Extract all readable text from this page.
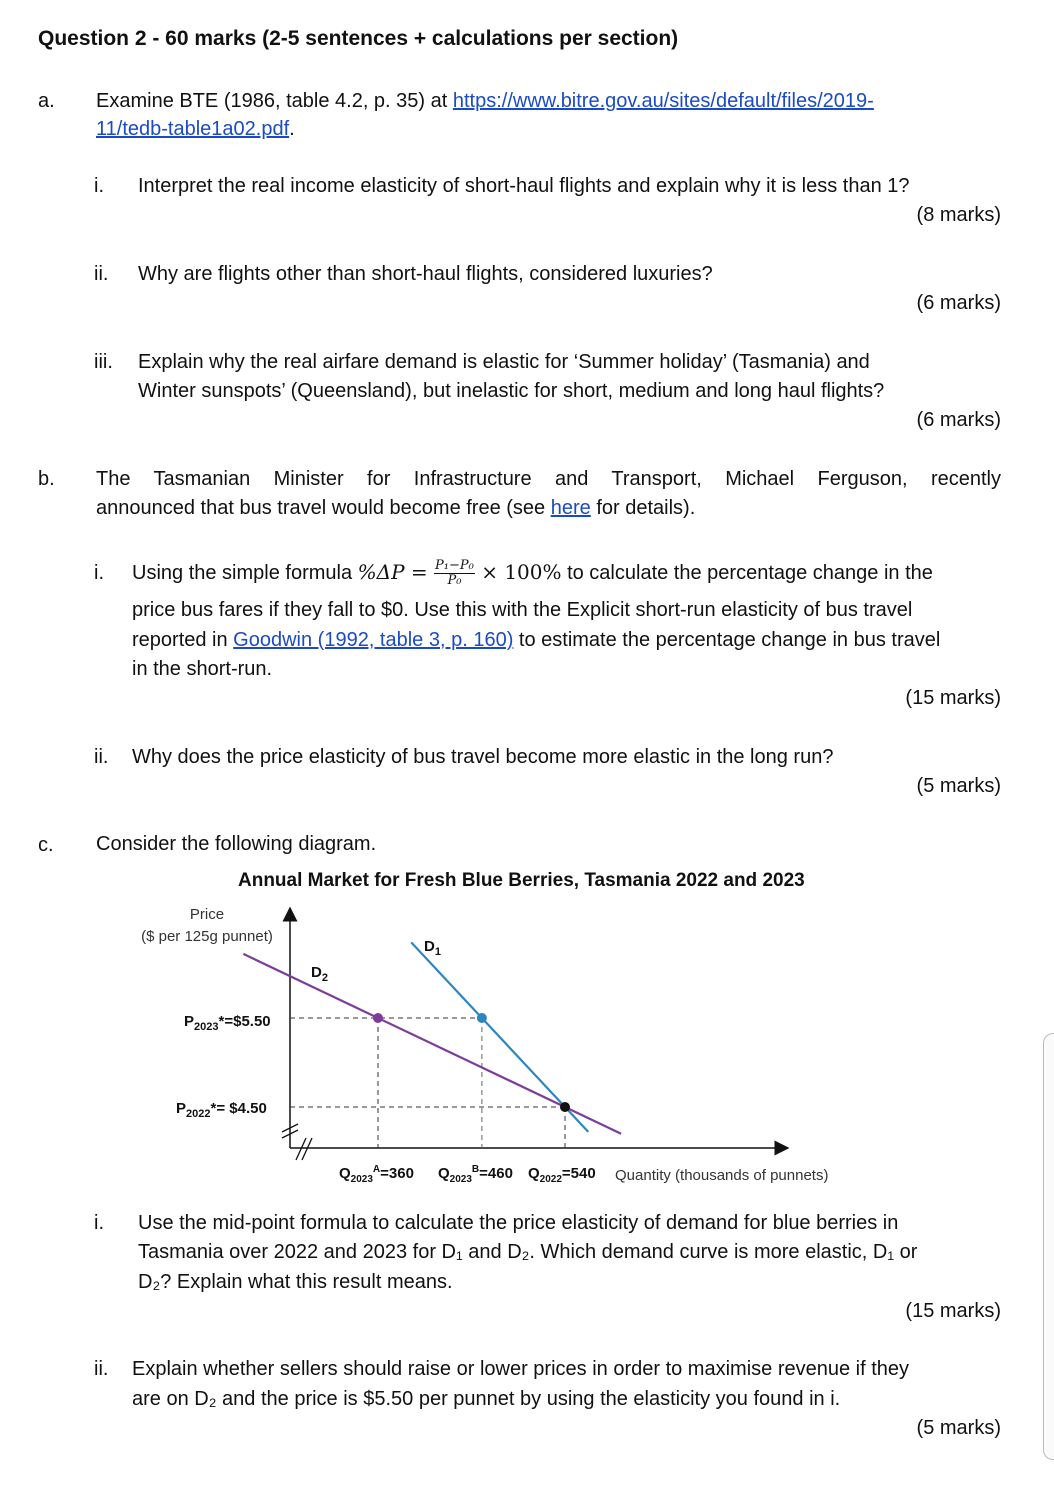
Question 2 - 60 marks (2-5 sentences + calculations per section)
a. Examine BTE (1986, table 4.2, p. 35) at https://www.bitre.gov.au/sites/default/files/2019-
11/tedb-table1a02.pdf.
i. Interpret the real income elasticity of short-haul flights and explain why it is less than 1?
(8 marks)
ii. Why are flights other than short-haul flights, considered luxuries?
(6 marks)
iii. Explain why the real airfare demand is elastic for ‘Summer holiday’ (Tasmania) and
Winter sunspots’ (Queensland), but inelastic for short, medium and long haul flights?
(6 marks)
b. The Tasmanian Minister for Infrastructure and Transport, Michael Ferguson, recently
announced that bus travel would become free (see here for details).
i. Using the simple formula $\%\Delta P = \frac{\text{P₁−P₀}}{\text{P₀}} \times 100\%$ to calculate the percentage change in the
price bus fares if they fall to $0. Use this with the Explicit short-run elasticity of bus travel
reported in Goodwin (1992, table 3, p. 160) to estimate the percentage change in bus travel
in the short-run.
(15 marks)
ii. Why does the price elasticity of bus travel become more elastic in the long run?
(5 marks)
c. Consider the following diagram.
Annual Market for Fresh Blue Berries, Tasmania 2022 and 2023
Price
($ per 125g punnet)
Quantity (thousands of punnets)
$P_{2023}*=\$5.50$
$P_{2022}*=$ $4.50
$Q_{2023}^A=360$ $Q_{2023}^B=460$ $Q_{2022}=540$
$D_1$
$D_2$
i. Use the mid-point formula to calculate the price elasticity of demand for blue berries in
Tasmania over 2022 and 2023 for D₁ and D₂. Which demand curve is more elastic, D₁ or
D₂? Explain what this result means.
(15 marks)
ii. Explain whether sellers should raise or lower prices in order to maximise revenue if they
are on D₂ and the price is $5.50 per punnet by using the elasticity you found in i.
(5 marks)
